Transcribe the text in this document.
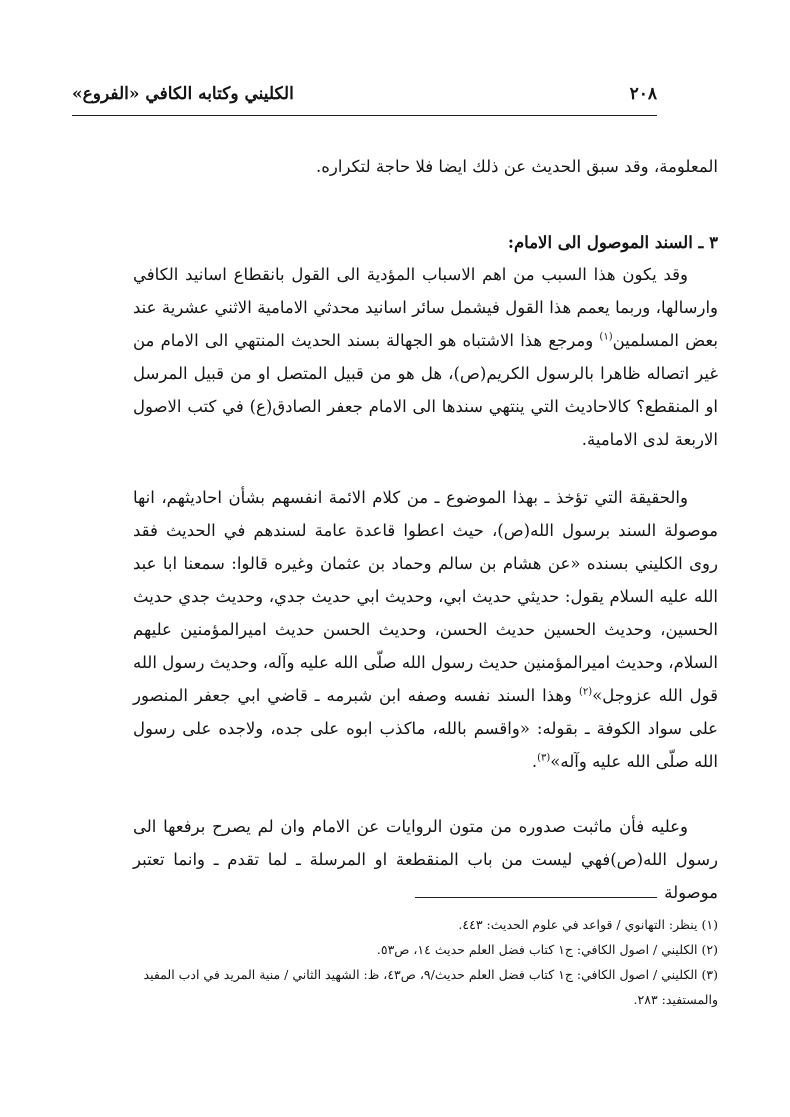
٢٠٨
الكليني وكتابه الكافي «الفروع»

المعلومة، وقد سبق الحديث عن ذلك ايضا فلا حاجة لتكراره.

٣ ـ السند الموصول الى الامام:

وقد يكون هذا السبب من اهم الاسباب المؤدية الى القول بانقطاع اسانيد الكافي وارسالها، وربما يعمم هذا القول فيشمل سائر اسانيد محدثي الامامية الاثني عشرية عند بعض المسلمين$^{(١)}$ ومرجع هذا الاشتباه هو الجهالة بسند الحديث المنتهي الى الامام من غير اتصاله ظاهرا بالرسول الكريم(ص)، هل هو من قبيل المتصل او من قبيل المرسل او المنقطع؟ كالاحاديث التي ينتهي سندها الى الامام جعفر الصادق(ع) في كتب الاصول الاربعة لدى الامامية.

والحقيقة التي تؤخذ ـ بهذا الموضوع ـ من كلام الائمة انفسهم بشأن احاديثهم، انها موصولة السند برسول الله(ص)، حيث اعطوا قاعدة عامة لسندهم في الحديث فقد روى الكليني بسنده «عن هشام بن سالم وحماد بن عثمان وغيره قالوا: سمعنا ابا عبد الله عليه السلام يقول: حديثي حديث ابي، وحديث ابي حديث جدي، وحديث جدي حديث الحسين، وحديث الحسين حديث الحسن، وحديث الحسن حديث اميرالمؤمنين عليهم السلام، وحديث اميرالمؤمنين حديث رسول الله صلّى الله عليه وآله، وحديث رسول الله قول الله عزوجل»$^{(٢)}$ وهذا السند نفسه وصفه ابن شبرمه ـ قاضي ابي جعفر المنصور على سواد الكوفة ـ بقوله: «واقسم بالله، ماكذب ابوه على جده، ولاجده على رسول الله صلّى الله عليه وآله»$^{(٣)}$.

وعليه فأن ماثبت صدوره من متون الروايات عن الامام وان لم يصرح برفعها الى رسول الله(ص)فهي ليست من باب المنقطعة او المرسلة ـ لما تقدم ـ وانما تعتبر موصولة

(١) ينظر: التهانوي / قواعد في علوم الحديث: ٤٤٣.

(٢) الكليني / اصول الكافي: ج١ كتاب فضل العلم حديث ١٤، ص٥٣.

(٣) الكليني / اصول الكافي: ج١ كتاب فضل العلم حديث/٩، ص٤٣، ظ: الشهيد الثاني / منية المريد في ادب المفيد والمستفيد: ٢٨٣.
